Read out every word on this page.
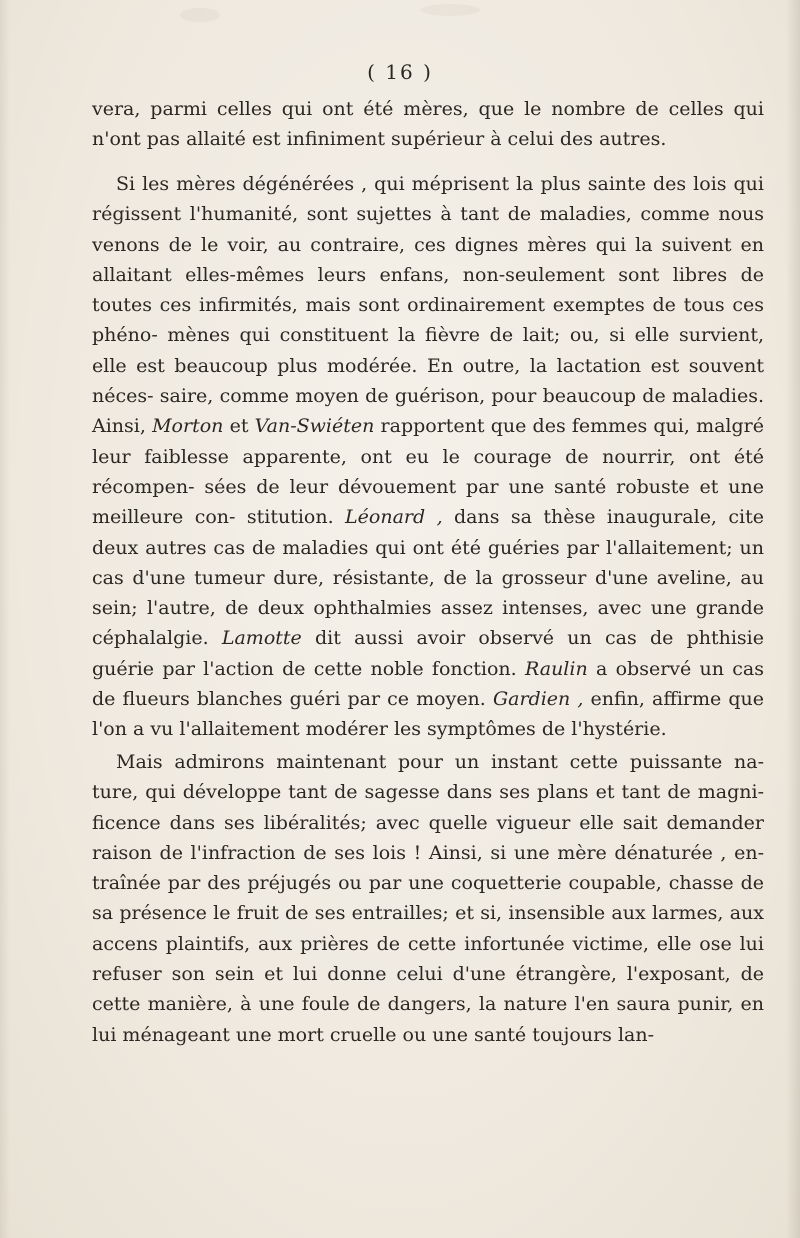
( 16 )
vera, parmi celles qui ont été mères, que le nombre de celles qui n'ont pas allaité est infiniment supérieur à celui des autres.
Si les mères dégénérées , qui méprisent la plus sainte des lois qui régissent l'humanité, sont sujettes à tant de maladies, comme nous venons de le voir, au contraire, ces dignes mères qui la suivent en allaitant elles-mêmes leurs enfans, non-seulement sont libres de toutes ces infirmités, mais sont ordinairement exemptes de tous ces phéno- mènes qui constituent la fièvre de lait; ou, si elle survient, elle est beaucoup plus modérée. En outre, la lactation est souvent néces- saire, comme moyen de guérison, pour beaucoup de maladies. Ainsi, Morton et Van-Swiéten rapportent que des femmes qui, malgré leur faiblesse apparente, ont eu le courage de nourrir, ont été récompen- sées de leur dévouement par une santé robuste et une meilleure con- stitution. Léonard , dans sa thèse inaugurale, cite deux autres cas de maladies qui ont été guéries par l'allaitement; un cas d'une tumeur dure, résistante, de la grosseur d'une aveline, au sein; l'autre, de deux ophthalmies assez intenses, avec une grande céphalalgie. Lamotte dit aussi avoir observé un cas de phthisie guérie par l'action de cette noble fonction. Raulin a observé un cas de flueurs blanches guéri par ce moyen. Gardien , enfin, affirme que l'on a vu l'allaitement modérer les symptômes de l'hystérie.
Mais admirons maintenant pour un instant cette puissante na- ture, qui développe tant de sagesse dans ses plans et tant de magni- ficence dans ses libéralités; avec quelle vigueur elle sait demander raison de l'infraction de ses lois ! Ainsi, si une mère dénaturée , en- traînée par des préjugés ou par une coquetterie coupable, chasse de sa présence le fruit de ses entrailles; et si, insensible aux larmes, aux accens plaintifs, aux prières de cette infortunée victime, elle ose lui refuser son sein et lui donne celui d'une étrangère, l'exposant, de cette manière, à une foule de dangers, la nature l'en saura punir, en lui ménageant une mort cruelle ou une santé toujours lan-
